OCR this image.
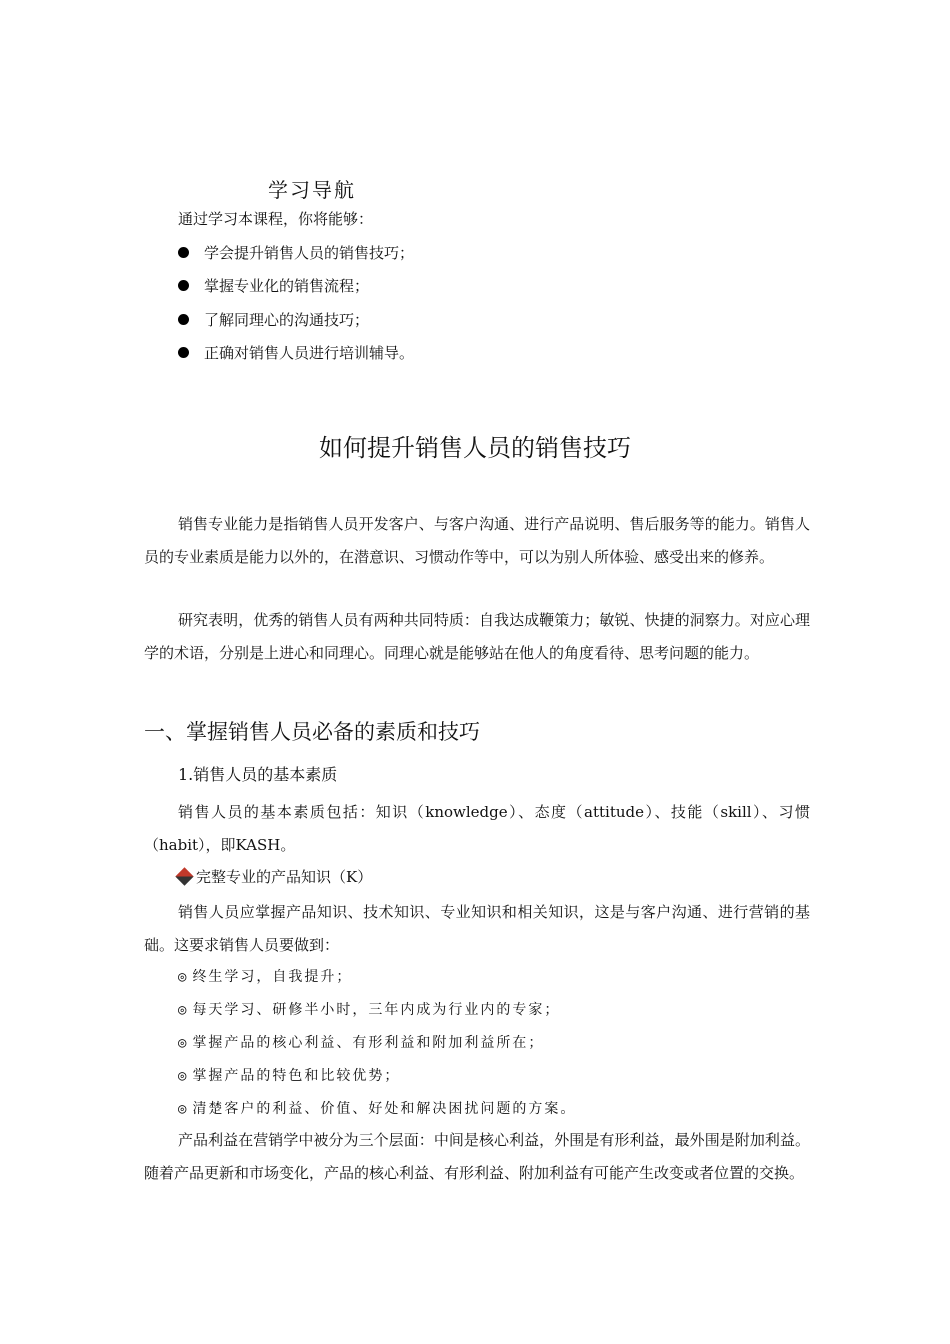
学习导航
通过学习本课程，你将能够：
学会提升销售人员的销售技巧；
掌握专业化的销售流程；
了解同理心的沟通技巧；
正确对销售人员进行培训辅导。
如何提升销售人员的销售技巧
销售专业能力是指销售人员开发客户、与客户沟通、进行产品说明、售后服务等的能力。销售人员的专业素质是能力以外的，在潜意识、习惯动作等中，可以为别人所体验、感受出来的修养。
研究表明，优秀的销售人员有两种共同特质：自我达成鞭策力；敏锐、快捷的洞察力。对应心理学的术语，分别是上进心和同理心。同理心就是能够站在他人的角度看待、思考问题的能力。
一、掌握销售人员必备的素质和技巧
1.销售人员的基本素质
销售人员的基本素质包括：知识（knowledge）、态度（attitude）、技能（skill）、习惯（habit），即KASH。
完整专业的产品知识（K）
销售人员应掌握产品知识、技术知识、专业知识和相关知识，这是与客户沟通、进行营销的基础。这要求销售人员要做到：
◎ 终生学习，自我提升；
◎ 每天学习、研修半小时，三年内成为行业内的专家；
◎ 掌握产品的核心利益、有形利益和附加利益所在；
◎ 掌握产品的特色和比较优势；
◎ 清楚客户的利益、价值、好处和解决困扰问题的方案。
产品利益在营销学中被分为三个层面：中间是核心利益，外围是有形利益，最外围是附加利益。随着产品更新和市场变化，产品的核心利益、有形利益、附加利益有可能产生改变或者位置的交换。
